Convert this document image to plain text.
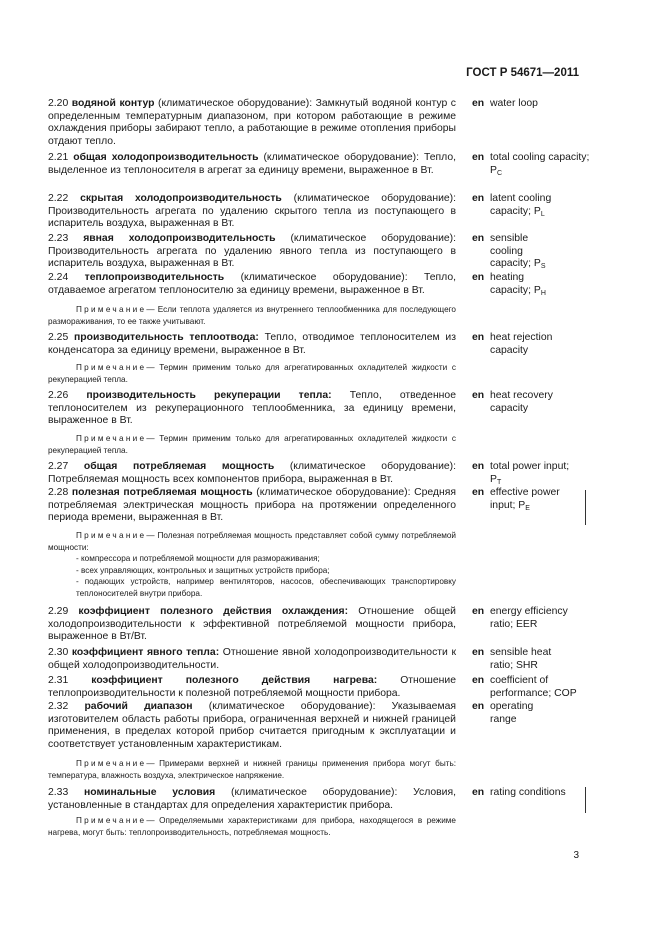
ГОСТ Р 54671—2011
2.20 водяной контур (климатическое оборудование): Замкнутый водяной контур с определенным температурным диапазоном, при котором работающие в режиме охлаждения приборы забирают тепло, а работающие в режиме отопления приборы отдают тепло.
en water loop
2.21 общая холодопроизводительность (климатическое оборудование): Тепло, выделенное из теплоносителя в агрегат за единицу времени, выраженное в Вт.
en total cooling capacity; $P_C$
2.22 скрытая холодопроизводительность (климатическое оборудование): Производительность агрегата по удалению скрытого тепла из поступающего в испаритель воздуха, выраженная в Вт.
en latent cooling capacity; $P_L$
2.23 явная холодопроизводительность (климатическое оборудование): Производительность агрегата по удалению явного тепла из поступающего в испаритель воздуха, выраженная в Вт.
en sensible cooling capacity; $P_S$
2.24 теплопроизводительность (климатическое оборудование): Тепло, отдаваемое агрегатом теплоносителю за единицу времени, выраженное в Вт.
en heating capacity; $P_H$
Примечание— Если теплота удаляется из внутреннего теплообменника для последующего размораживания, то ее также учитывают.
2.25 производительность теплоотвода: Тепло, отводимое теплоносителем из конденсатора за единицу времени, выраженное в Вт.
en heat rejection capacity
Примечание— Термин применим только для агрегатированных охладителей жидкости с рекуперацией тепла.
2.26 производительность рекуперации тепла: Тепло, отведенное теплоносителем из рекуперационного теплообменника, за единицу времени, выраженное в Вт.
en heat recovery capacity
Примечание— Термин применим только для агрегатированных охладителей жидкости с рекуперацией тепла.
2.27 общая потребляемая мощность (климатическое оборудование): Потребляемая мощность всех компонентов прибора, выраженная в Вт.
en total power input; $P_T$
2.28 полезная потребляемая мощность (климатическое оборудование): Средняя потребляемая электрическая мощность прибора на протяжении определенного периода времени, выраженная в Вт.
en effective power input; $P_E$
Примечание— Полезная потребляемая мощность представляет собой сумму потребляемой мощности:
- компрессора и потребляемой мощности для размораживания;
- всех управляющих, контрольных и защитных устройств прибора;
- подающих устройств, например вентиляторов, насосов, обеспечивающих транспортировку теплоносителей внутри прибора.
2.29 коэффициент полезного действия охлаждения: Отношение общей холодопроизводительности к эффективной потребляемой мощности прибора, выраженное в Вт/Вт.
en energy efficiency ratio; EER
2.30 коэффициент явного тепла: Отношение явной холодопроизводительности к общей холодопроизводительности.
en sensible heat ratio; SHR
2.31 коэффициент полезного действия нагрева: Отношение теплопроизводительности к полезной потребляемой мощности прибора.
en coefficient of performance; COP
2.32 рабочий диапазон (климатическое оборудование): Указываемая изготовителем область работы прибора, ограниченная верхней и нижней границей применения, в пределах которой прибор считается пригодным к эксплуатации и соответствует установленным характеристикам.
en operating range
Примечание— Примерами верхней и нижней границы применения прибора могут быть: температура, влажность воздуха, электрическое напряжение.
2.33 номинальные условия (климатическое оборудование): Условия, установленные в стандартах для определения характеристик прибора.
en rating conditions
Примечание— Определяемыми характеристиками для прибора, находящегося в режиме нагрева, могут быть: теплопроизводительность, потребляемая мощность.
3
